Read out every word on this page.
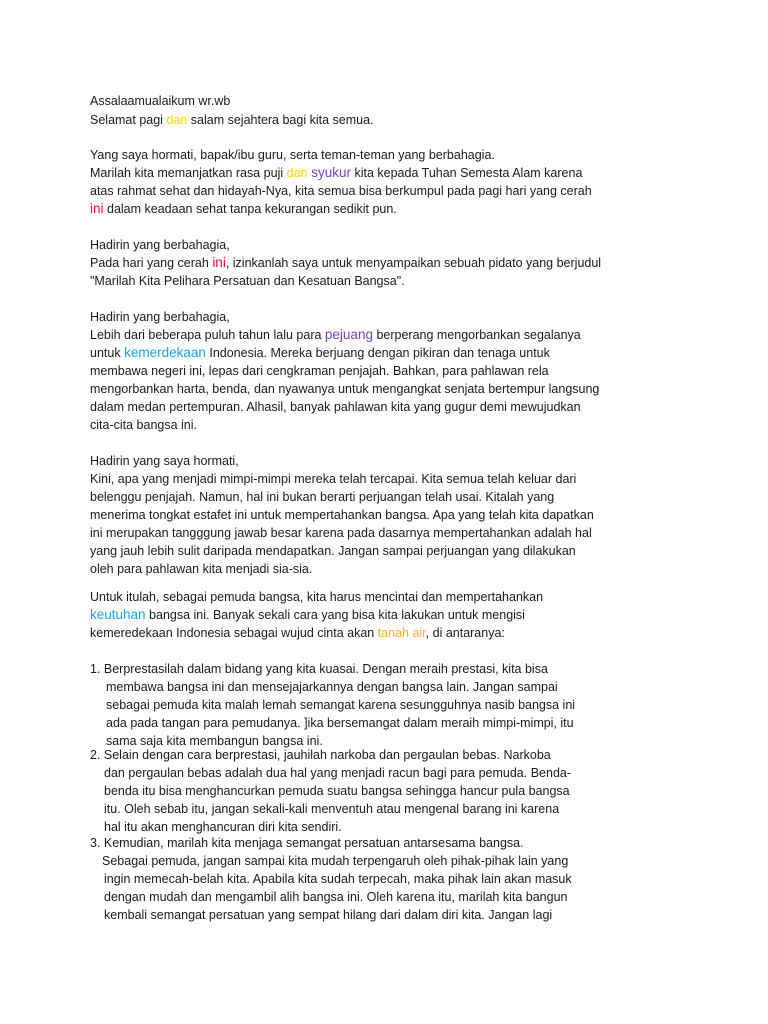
Assalaamualaikum wr.wb
Selamat pagi dan salam sejahtera bagi kita semua.
Yang saya hormati, bapak/ibu guru, serta teman-teman yang berbahagia.
Marilah kita memanjatkan rasa puji dan syukur kita kepada Tuhan Semesta Alam karena
atas rahmat sehat dan hidayah-Nya, kita semua bisa berkumpul pada pagi hari yang cerah
ini dalam keadaan sehat tanpa kekurangan sedikit pun.
Hadirin yang berbahagia,
Pada hari yang cerah ini, izinkanlah saya untuk menyampaikan sebuah pidato yang berjudul
"Marilah Kita Pelihara Persatuan dan Kesatuan Bangsa".
Hadirin yang berbahagia,
Lebih dari beberapa puluh tahun lalu para pejuang berperang mengorbankan segalanya
untuk kemerdekaan Indonesia. Mereka berjuang dengan pikiran dan tenaga untuk
membawa negeri ini, lepas dari cengkraman penjajah. Bahkan, para pahlawan rela
mengorbankan harta, benda, dan nyawanya untuk mengangkat senjata bertempur langsung
dalam medan pertempuran. Alhasil, banyak pahlawan kita yang gugur demi mewujudkan
cita-cita bangsa ini.
Hadirin yang saya hormati,
Kini, apa yang menjadi mimpi-mimpi mereka telah tercapai. Kita semua telah keluar dari
belenggu penjajah. Namun, hal ini bukan berarti perjuangan telah usai. Kitalah yang
menerima tongkat estafet ini untuk mempertahankan bangsa. Apa yang telah kita dapatkan
ini merupakan tangggung jawab besar karena pada dasarnya mempertahankan adalah hal
yang jauh lebih sulit daripada mendapatkan. Jangan sampai perjuangan yang dilakukan
oleh para pahlawan kita menjadi sia-sia.
Untuk itulah, sebagai pemuda bangsa, kita harus mencintai dan mempertahankan
keutuhan bangsa ini. Banyak sekali cara yang bisa kita lakukan untuk mengisi
kemeredekaan Indonesia sebagai wujud cinta akan tanah air, di antaranya:
1. Berprestasilah dalam bidang yang kita kuasai. Dengan meraih prestasi, kita bisa
membawa bangsa ini dan mensejajarkannya dengan bangsa lain. Jangan sampai
sebagai pemuda kita malah lemah semangat karena sesungguhnya nasib bangsa ini
ada pada tangan para pemudanya. ]ika bersemangat dalam meraih mimpi-mimpi, itu
sama saja kita membangun bangsa ini.
2. Selain dengan cara berprestasi, jauhilah narkoba dan pergaulan bebas. Narkoba
dan pergaulan bebas adalah dua hal yang menjadi racun bagi para pemuda. Benda-
benda itu bisa menghancurkan pemuda suatu bangsa sehingga hancur pula bangsa
itu. Oleh sebab itu, jangan sekali-kali menventuh atau mengenal barang ini karena
hal itu akan menghancuran diri kita sendiri.
3. Kemudian, marilah kita menjaga semangat persatuan antarsesama bangsa.
Sebagai pemuda, jangan sampai kita mudah terpengaruh oleh pihak-pihak lain yang
ingin memecah-belah kita. Apabila kita sudah terpecah, maka pihak lain akan masuk
dengan mudah dan mengambil alih bangsa ini. Oleh karena itu, marilah kita bangun
kembali semangat persatuan yang sempat hilang dari dalam diri kita. Jangan lagi
